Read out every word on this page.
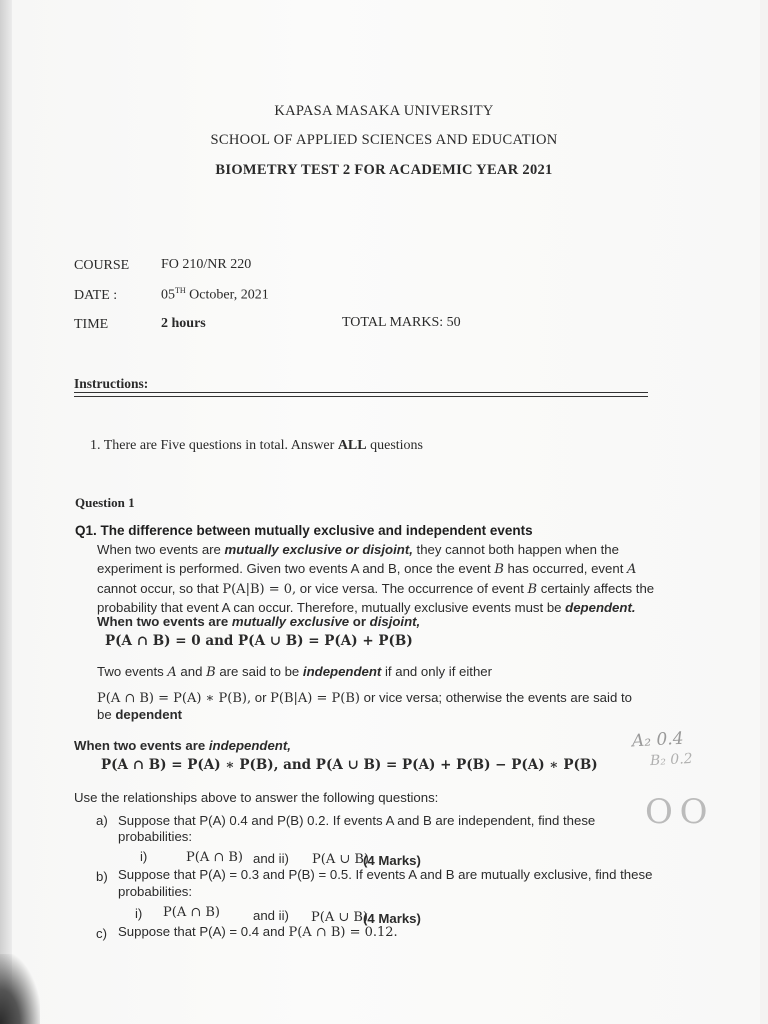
KAPASA MASAKA UNIVERSITY
SCHOOL OF APPLIED SCIENCES AND EDUCATION
BIOMETRY TEST 2 FOR ACADEMIC YEAR 2021
COURSE FO 210/NR 220
DATE :	05TH October, 2021
TIME	2 hours	TOTAL MARKS: 50
Instructions:
1. There are Five questions in total. Answer ALL questions
Question 1
Q1. The difference between mutually exclusive and independent events
When two events are mutually exclusive or disjoint, they cannot both happen when the
experiment is performed. Given two events A and B, once the event B has occurred, event A
cannot occur, so that P(A|B) = 0, or vice versa. The occurrence of event B certainly affects the
probability that event A can occur. Therefore, mutually exclusive events must be dependent.
When two events are mutually exclusive or disjoint,
P(A ∩ B) = 0 and P(A ∪ B) = P(A) + P(B)
Two events A and B are said to be independent if and only if either
P(A ∩ B) = P(A) ∗ P(B), or P(B|A) = P(B) or vice versa; otherwise the events are said to
be dependent
When two events are independent,
P(A ∩ B) = P(A) ∗ P(B), and P(A ∪ B) = P(A) + P(B) − P(A) ∗ P(B)
Use the relationships above to answer the following questions:
a) Suppose that P(A) 0.4 and P(B) 0.2. If events A and B are independent, find these
probabilities:
i)	P(A ∩ B) and ii) P(A ∪ B)
(4 Marks)
b) Suppose that P(A) = 0.3 and P(B) = 0.5. If events A and B are mutually exclusive, find these
probabilities:
i) P(A ∩ B)	and ii) P(A ∪ B)
(4 Marks)
c) Suppose that P(A) = 0.4 and P(A ∩ B) = 0.12.
A₂ 0.4
B₂ 0.2
O O
